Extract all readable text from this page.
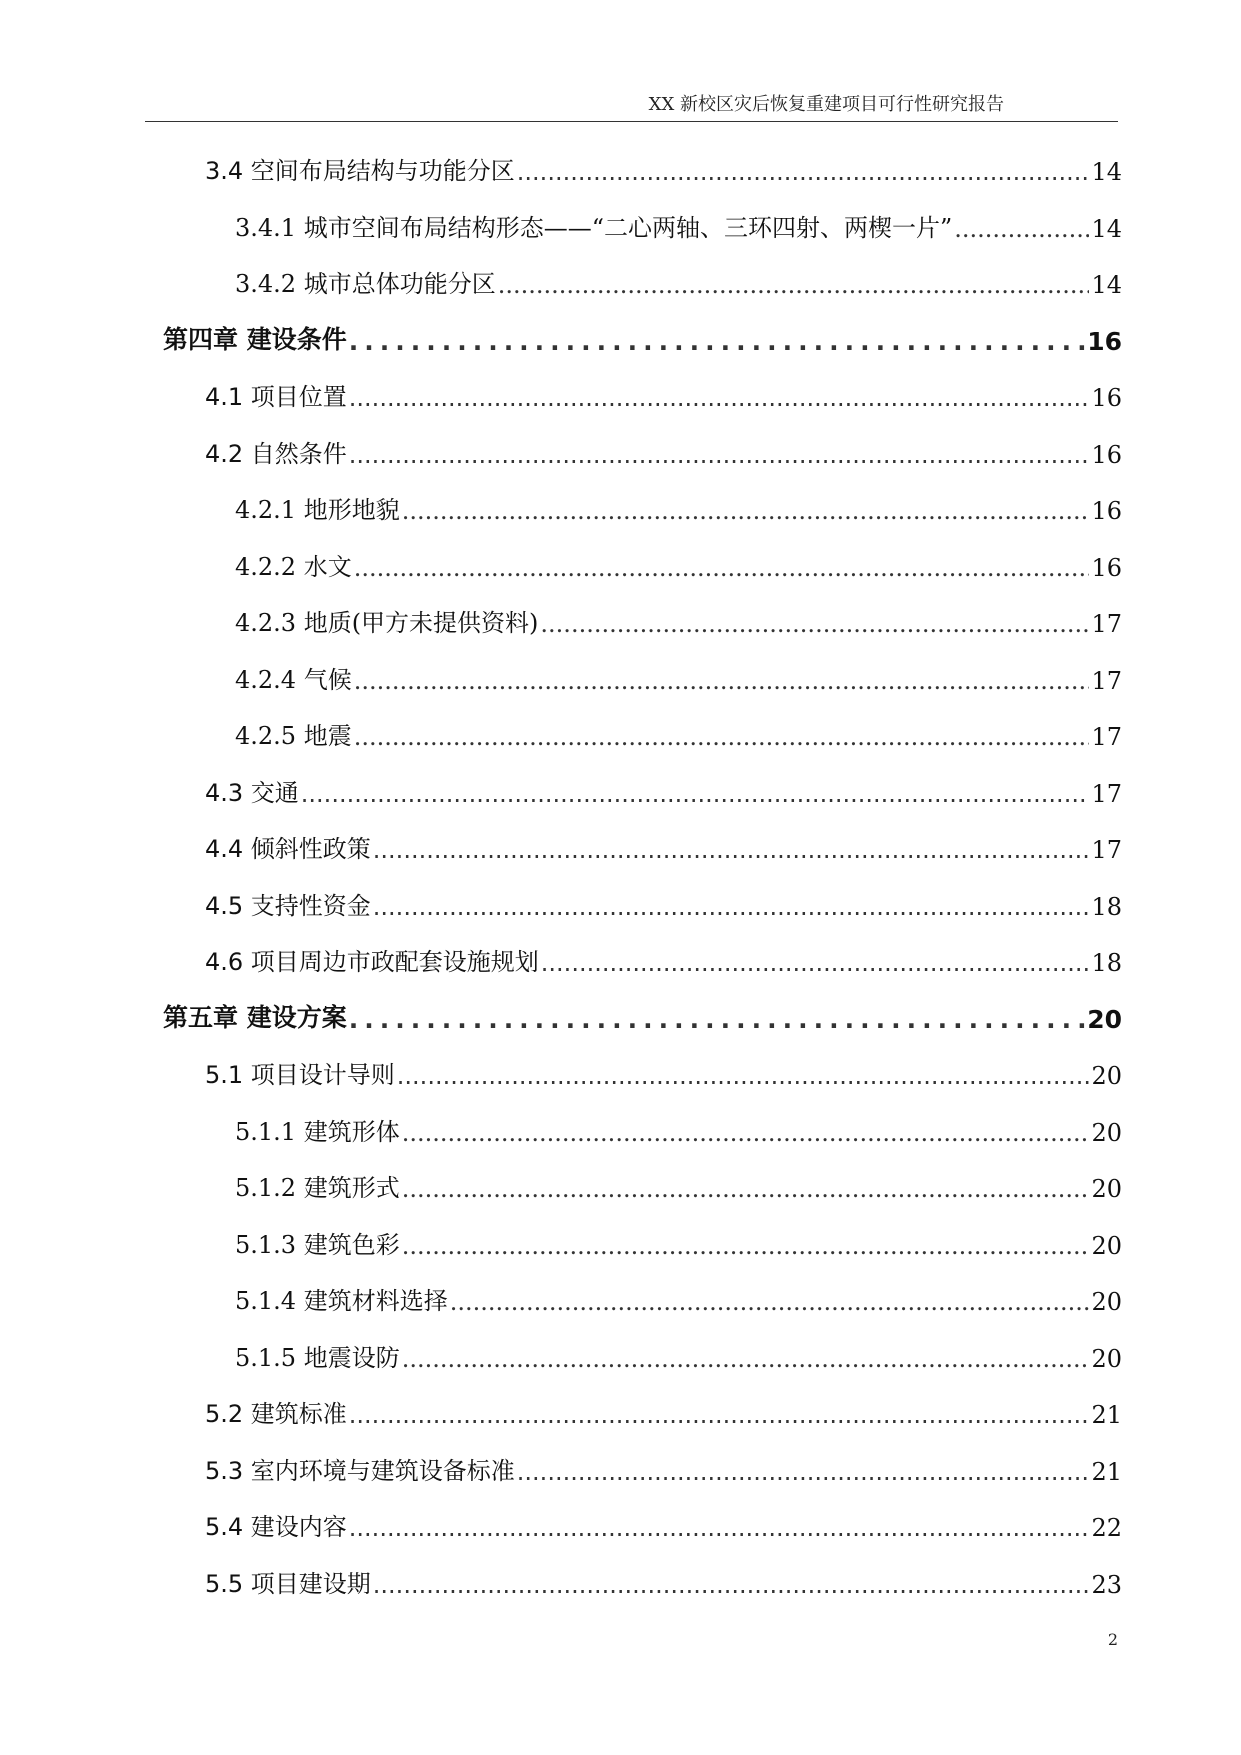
XX 新校区灾后恢复重建项目可行性研究报告
3.4 空间布局结构与功能分区 .....	14
3.4.1 城市空间布局结构形态——“二心两轴、三环四射、两楔一片” .....	14
3.4.2 城市总体功能分区 .....	14
第四章 建设条件 .....	16
4.1 项目位置 .....	16
4.2 自然条件 .....	16
4.2.1 地形地貌 .....	16
4.2.2 水文 .....	16
4.2.3 地质(甲方未提供资料) .....	17
4.2.4 气候 .....	17
4.2.5 地震 .....	17
4.3 交通 .....	17
4.4 倾斜性政策 .....	17
4.5 支持性资金 .....	18
4.6 项目周边市政配套设施规划 .....	18
第五章 建设方案 .....	20
5.1 项目设计导则 .....	20
5.1.1 建筑形体 .....	20
5.1.2 建筑形式 .....	20
5.1.3 建筑色彩 .....	20
5.1.4 建筑材料选择 .....	20
5.1.5 地震设防 .....	20
5.2 建筑标准 .....	21
5.3 室内环境与建筑设备标准 .....	21
5.4 建设内容 .....	22
5.5 项目建设期 .....	23
2
